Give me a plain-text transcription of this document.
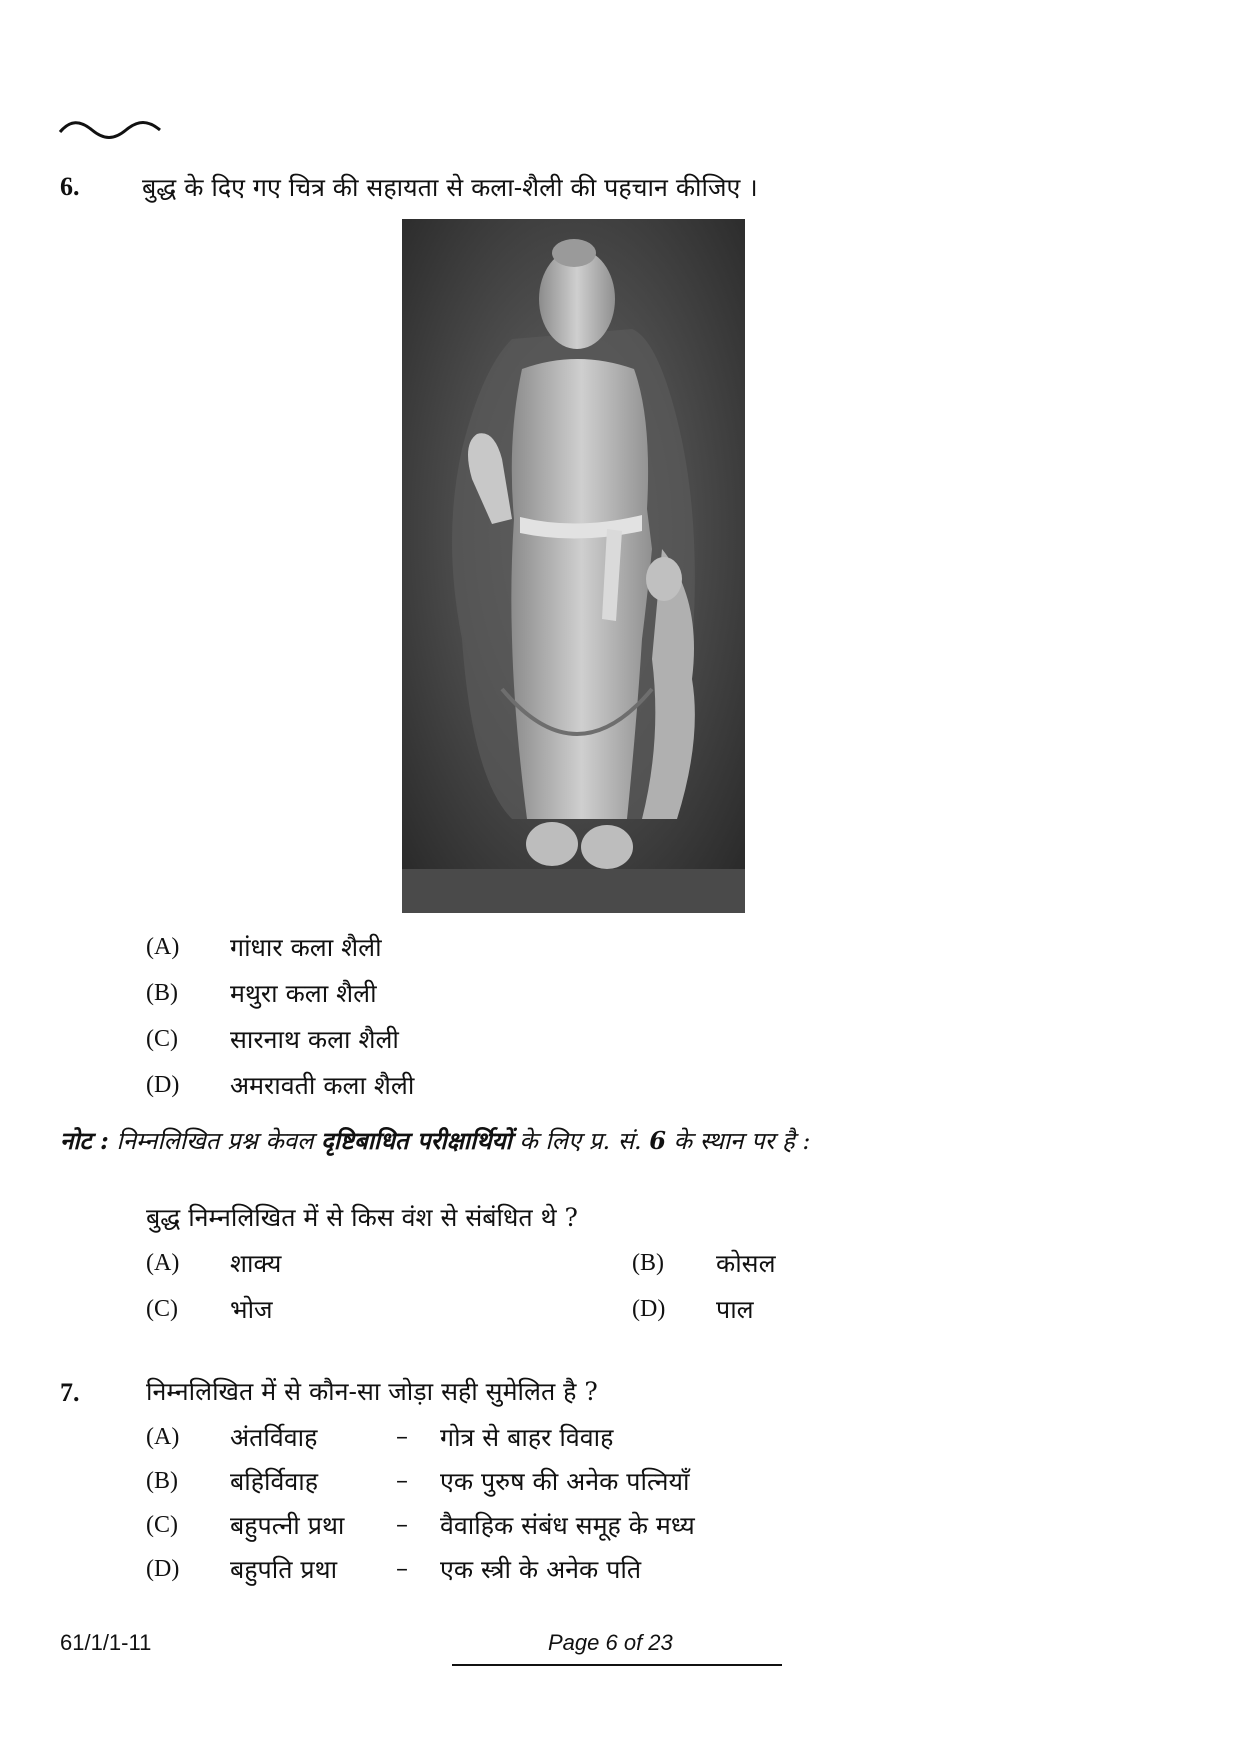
6.	बुद्ध के दिए गए चित्र की सहायता से कला-शैली की पहचान कीजिए ।
(A) गांधार कला शैली
(B) मथुरा कला शैली
(C) सारनाथ कला शैली
(D) अमरावती कला शैली
नोट : निम्नलिखित प्रश्न केवल दृष्टिबाधित परीक्षार्थियों के लिए प्र. सं. 6 के स्थान पर है :
बुद्ध निम्नलिखित में से किस वंश से संबंधित थे ?
(A) शाक्य	(B) कोसल
(C) भोज	(D) पाल
7.	निम्नलिखित में से कौन-सा जोड़ा सही सुमेलित है ?
(A) अंतर्विवाह	– गोत्र से बाहर विवाह
(B) बहिर्विवाह	– एक पुरुष की अनेक पत्नियाँ
(C) बहुपत्नी प्रथा – वैवाहिक संबंध समूह के मध्य
(D) बहुपति प्रथा – एक स्त्री के अनेक पति
61/1/1-11	Page 6 of 23
